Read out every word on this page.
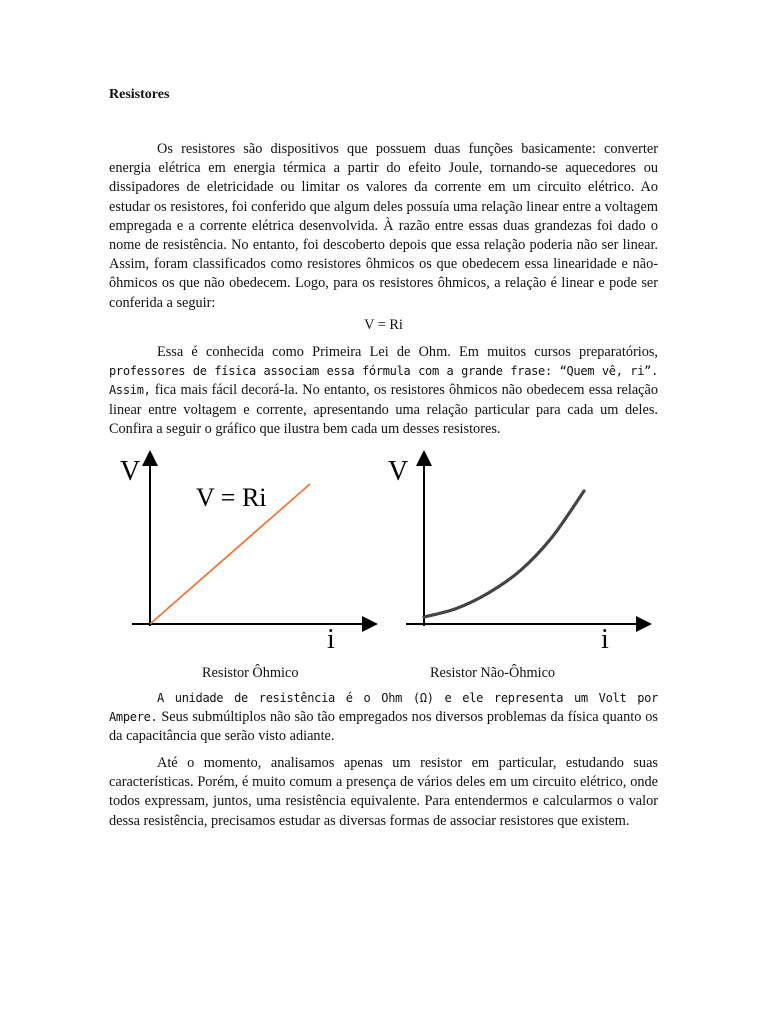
Resistores

Os resistores são dispositivos que possuem duas funções basicamente: converter energia elétrica em energia térmica a partir do efeito Joule, tornando-se aquecedores ou dissipadores de eletricidade ou limitar os valores da corrente em um circuito elétrico. Ao estudar os resistores, foi conferido que algum deles possuía uma relação linear entre a voltagem empregada e a corrente elétrica desenvolvida. À razão entre essas duas grandezas foi dado o nome de resistência. No entanto, foi descoberto depois que essa relação poderia não ser linear. Assim, foram classificados como resistores ôhmicos os que obedecem essa linearidade e não-ôhmicos os que não obedecem. Logo, para os resistores ôhmicos, a relação é linear e pode ser conferida a seguir:

V = Ri

Essa é conhecida como Primeira Lei de Ohm. Em muitos cursos preparatórios, professores de física associam essa fórmula com a grande frase: “Quem vê, ri”. Assim, fica mais fácil decorá-la. No entanto, os resistores ôhmicos não obedecem essa relação linear entre voltagem e corrente, apresentando uma relação particular para cada um deles. Confira a seguir o gráfico que ilustra bem cada um desses resistores.

V
i
V = Ri
V
i
Resistor Ôhmico	Resistor Não-Ôhmico

A unidade de resistência é o Ohm (Ω) e ele representa um Volt por Ampere. Seus submúltiplos não são tão empregados nos diversos problemas da física quanto os da capacitância que serão visto adiante.

Até o momento, analisamos apenas um resistor em particular, estudando suas características. Porém, é muito comum a presença de vários deles em um circuito elétrico, onde todos expressam, juntos, uma resistência equivalente. Para entendermos e calcularmos o valor dessa resistência, precisamos estudar as diversas formas de associar resistores que existem.
